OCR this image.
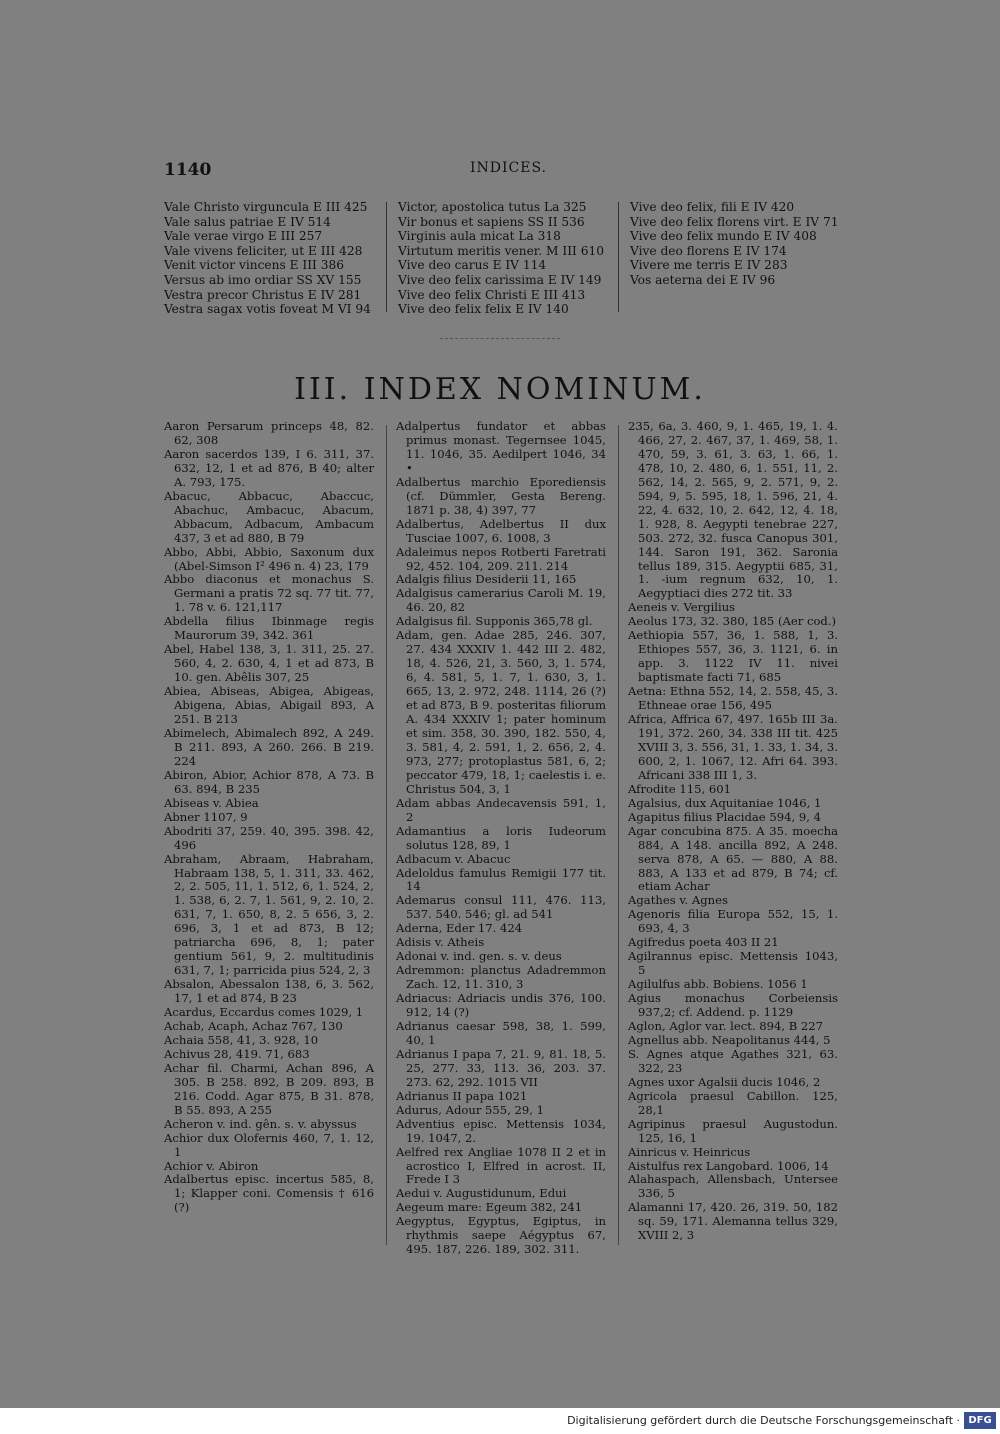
1140	INDICES.
Vale Christo virguncula E III 425
Vale salus patriae E IV 514
Vale verae virgo E III 257
Vale vivens feliciter, ut E III 428
Venit victor vincens E III 386
Versus ab imo ordiar SS XV 155
Vestra precor Christus E IV 281
Vestra sagax votis foveat M VI 94
Victor, apostolica tutus La 325
Vir bonus et sapiens SS II 536
Virginis aula micat La 318
Virtutum meritis vener. M III 610
Vive deo carus E IV 114
Vive deo felix carissima E IV 149
Vive deo felix Christi E III 413
Vive deo felix felix E IV 140
Vive deo felix, fili E IV 420
Vive deo felix florens virt. E IV 71
Vive deo felix mundo E IV 408
Vive deo florens E IV 174
Vivere me terris E IV 283
Vos aeterna dei E IV 96
III. INDEX NOMINUM.
Aaron Persarum princeps 48, 82. 62, 308
Aaron sacerdos 139, I 6. 311, 37. 632, 12, 1 et ad 876, B 40; alter A. 793, 175.
Abacuc, Abbacuc, Abaccuc, Abachuc, Ambacuc, Abacum, Abbacum, Adbacum, Ambacum 437, 3 et ad 880, B 79
Abbo, Abbi, Abbio, Saxonum dux (Abel-Simson I² 496 n. 4) 23, 179
Abbo diaconus et monachus S. Germani a pratis 72 sq. 77 tit. 77, 1. 78 v. 6. 121,117
Abdella filius Ibinmage regis Maurorum 39, 342. 361
Abel, Habel 138, 3, 1. 311, 25. 27. 560, 4, 2. 630, 4, 1 et ad 873, B 10. gen. Abêlis 307, 25
Abiea, Abiseas, Abigea, Abigeas, Abigena, Abias, Abigail 893, A 251. B 213
Abimelech, Abimalech 892, A 249. B 211. 893, A 260. 266. B 219. 224
Abiron, Abior, Achior 878, A 73. B 63. 894, B 235
Abiseas v. Abiea
Abner 1107, 9
Abodriti 37, 259. 40, 395. 398. 42, 496
Abraham, Abraam, Habraham, Habraam 138, 5, 1. 311, 33. 462, 2, 2. 505, 11, 1. 512, 6, 1. 524, 2, 1. 538, 6, 2. 7, 1. 561, 9, 2. 10, 2. 631, 7, 1. 650, 8, 2. 5 656, 3, 2. 696, 3, 1 et ad 873, B 12; patriarcha 696, 8, 1; pater gentium 561, 9, 2. multitudinis 631, 7, 1; parricida pius 524, 2, 3
Absalon, Abessalon 138, 6, 3. 562, 17, 1 et ad 874, B 23
Acardus, Eccardus comes 1029, 1
Achab, Acaph, Achaz 767, 130
Achaia 558, 41, 3. 928, 10
Achivus 28, 419. 71, 683
Achar fil. Charmi, Achan 896, A 305. B 258. 892, B 209. 893, B 216. Codd. Agar 875, B 31. 878, B 55. 893, A 255
Acheron v. ind. gên. s. v. abyssus
Achior dux Olofernis 460, 7, 1. 12, 1
Achior v. Abiron
Adalbertus episc. incertus 585, 8, 1; Klapper coni. Comensis † 616 (?)
Adalpertus fundator et abbas primus monast. Tegernsee 1045, 11. 1046, 35. Aedilpert 1046, 34 •
Adalbertus marchio Eporediensis (cf. Dümmler, Gesta Bereng. 1871 p. 38, 4) 397, 77
Adalbertus, Adelbertus II dux Tusciae 1007, 6. 1008, 3
Adaleimus nepos Rotberti Faretrati 92, 452. 104, 209. 211. 214
Adalgis filius Desiderii 11, 165
Adalgisus camerarius Caroli M. 19, 46. 20, 82
Adalgisus fil. Supponis 365,78 gl.
Adam, gen. Adae 285, 246. 307, 27. 434 XXXIV 1. 442 III 2. 482, 18, 4. 526, 21, 3. 560, 3, 1. 574, 6, 4. 581, 5, 1. 7, 1. 630, 3, 1. 665, 13, 2. 972, 248. 1114, 26 (?) et ad 873, B 9. posteritas filiorum A. 434 XXXIV 1; pater hominum et sim. 358, 30. 390, 182. 550, 4, 3. 581, 4, 2. 591, 1, 2. 656, 2, 4. 973, 277; protoplastus 581, 6, 2; peccator 479, 18, 1; caelestis i. e. Christus 504, 3, 1
Adam abbas Andecavensis 591, 1, 2
Adamantius a loris Iudeorum solutus 128, 89, 1
Adbacum v. Abacuc
Adeloldus famulus Remigii 177 tit. 14
Ademarus consul 111, 476. 113, 537. 540. 546; gl. ad 541
Aderna, Eder 17. 424
Adisis v. Atheis
Adonai v. ind. gen. s. v. deus
Adremmon: planctus Adadremmon Zach. 12, 11. 310, 3
Adriacus: Adriacis undis 376, 100. 912, 14 (?)
Adrianus caesar 598, 38, 1. 599, 40, 1
Adrianus I papa 7, 21. 9, 81. 18, 5. 25, 277. 33, 113. 36, 203. 37. 273. 62, 292. 1015 VII
Adrianus II papa 1021
Adurus, Adour 555, 29, 1
Adventius episc. Mettensis 1034, 19. 1047, 2.
Aelfred rex Angliae 1078 II 2 et in acrostico I, Elfred in acrost. II, Frede I 3
Aedui v. Augustidunum, Edui
Aegeum mare: Egeum 382, 241
Aegyptus, Egyptus, Egiptus, in rhythmis saepe Aégyptus 67, 495. 187, 226. 189, 302. 311.
235, 6a, 3. 460, 9, 1. 465, 19, 1. 4. 466, 27, 2. 467, 37, 1. 469, 58, 1. 470, 59, 3. 61, 3. 63, 1. 66, 1. 478, 10, 2. 480, 6, 1. 551, 11, 2. 562, 14, 2. 565, 9, 2. 571, 9, 2. 594, 9, 5. 595, 18, 1. 596, 21, 4. 22, 4. 632, 10, 2. 642, 12, 4. 18, 1. 928, 8. Aegypti tenebrae 227, 503. 272, 32. fusca Canopus 301, 144. Saron 191, 362. Saronia tellus 189, 315. Aegyptii 685, 31, 1. -ium regnum 632, 10, 1. Aegyptiaci dies 272 tit. 33
Aeneis v. Vergilius
Aeolus 173, 32. 380, 185 (Aer cod.)
Aethiopia 557, 36, 1. 588, 1, 3. Ethiopes 557, 36, 3. 1121, 6. in app. 3. 1122 IV 11. nivei baptismate facti 71, 685
Aetna: Ethna 552, 14, 2. 558, 45, 3. Ethneae orae 156, 495
Africa, Affrica 67, 497. 165b III 3a. 191, 372. 260, 34. 338 III tit. 425 XVIII 3, 3. 556, 31, 1. 33, 1. 34, 3. 600, 2, 1. 1067, 12. Afri 64. 393. Africani 338 III 1, 3.
Afrodite 115, 601
Agalsius, dux Aquitaniae 1046, 1
Agapitus filius Placidae 594, 9, 4
Agar concubina 875. A 35. moecha 884, A 148. ancilla 892, A 248. serva 878, A 65. — 880, A 88. 883, A 133 et ad 879, B 74; cf. etiam Achar
Agathes v. Agnes
Agenoris filia Europa 552, 15, 1. 693, 4, 3
Agifredus poeta 403 II 21
Agilrannus episc. Mettensis 1043, 5
Agilulfus abb. Bobiens. 1056 1
Agius monachus Corbeiensis 937,2; cf. Addend. p. 1129
Aglon, Aglor var. lect. 894, B 227
Agnellus abb. Neapolitanus 444, 5
S. Agnes atque Agathes 321, 63. 322, 23
Agnes uxor Agalsii ducis 1046, 2
Agricola praesul Cabillon. 125, 28,1
Agripinus praesul Augustodun. 125, 16, 1
Ainricus v. Heinricus
Aistulfus rex Langobard. 1006, 14
Alahaspach, Allensbach, Untersee 336, 5
Alamanni 17, 420. 26, 319. 50, 182 sq. 59, 171. Alemanna tellus 329, XVIII 2, 3
Digitalisierung gefördert durch die Deutsche Forschungsgemeinschaft · DFG
